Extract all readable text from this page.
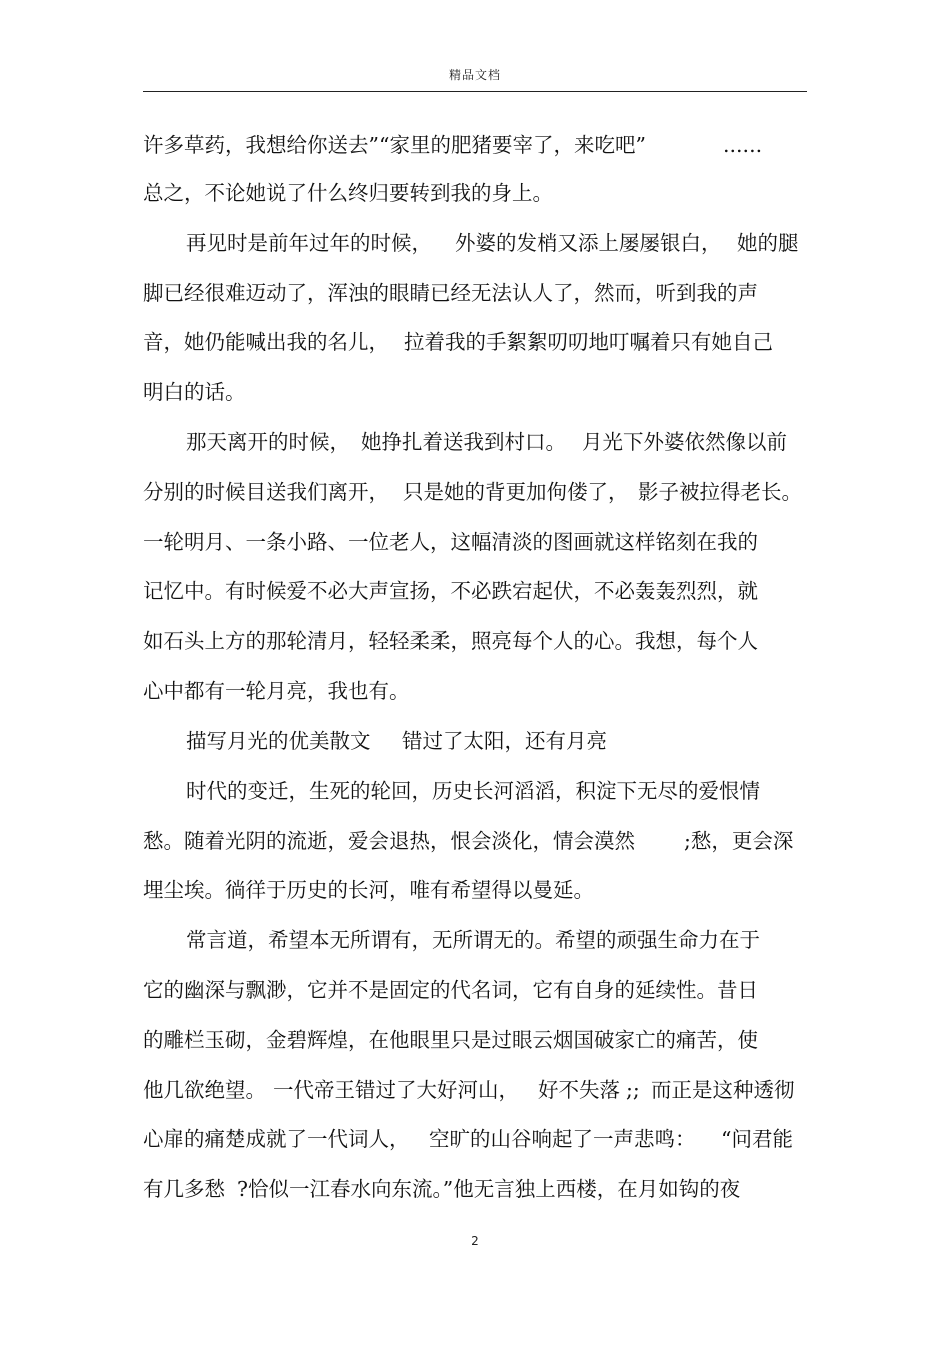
精品文档

许多草药，我想给你送去”“家里的肥猪要宰了，来吃吧”

	......

总之，不论她说了什么终归要转到我的身上。

再见时是前年过年的时候，

外婆的发梢又添上屡屡银白，

她的腿

脚已经很难迈动了，浑浊的眼睛已经无法认人了，然而，听到我的声

音，她仍能喊出我的名儿，

拉着我的手絮絮叨叨地叮嘱着只有她自己

明白的话。

那天离开的时候，

她挣扎着送我到村口。

月光下外婆依然像以前

分别的时候目送我们离开，

只是她的背更加佝偻了，

影子被拉得老长。

一轮明月、一条小路、一位老人，这幅清淡的图画就这样铭刻在我的

记忆中。有时候爱不必大声宣扬，不必跌宕起伏，不必轰轰烈烈，就

如石头上方的那轮清月，轻轻柔柔，照亮每个人的心。我想，每个人

心中都有一轮月亮，我也有。

描写月光的优美散文

错过了太阳，还有月亮

时代的变迁，生死的轮回，历史长河滔滔，积淀下无尽的爱恨情

愁。随着光阴的流逝，爱会退热，恨会淡化，情会漠然

;愁，更会深

埋尘埃。徜徉于历史的长河，唯有希望得以曼延。

常言道，希望本无所谓有，无所谓无的。希望的顽强生命力在于

它的幽深与飘渺，它并不是固定的代名词，它有自身的延续性。昔日

的雕栏玉砌，金碧辉煌，在他眼里只是过眼云烟国破家亡的痛苦，使

他几欲绝望。

一代帝王错过了大好河山，

好不失落

;;

而正是这种透彻

心扉的痛楚成就了一代词人，

空旷的山谷响起了一声悲鸣：

“问君能

有几多愁

?恰似一江春水向东流。”他无言独上西楼，在月如钩的夜

2
